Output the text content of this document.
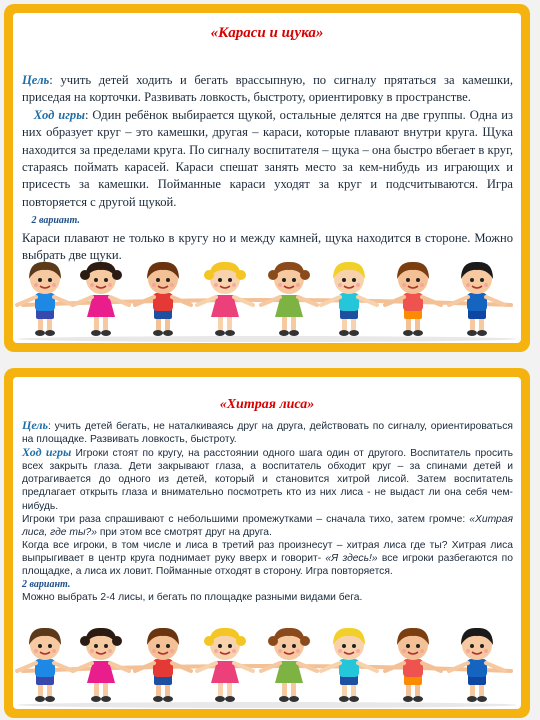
«Караси и щука»

Цель: учить детей ходить и бегать врассыпную, по сигналу прятаться за камешки, приседая на корточки. Развивать ловкость, быстроту, ориентировку в пространстве.

Ход игры: Один ребёнок выбирается щукой, остальные делятся на две группы. Одна из них образует круг – это камешки, другая – караси, которые плавают внутри круга. Щука находится за пределами круга. По сигналу воспитателя – щука – она быстро вбегает в круг, стараясь поймать карасей. Караси спешат занять место за кем-нибудь из играющих и присесть за камешки. Пойманные караси уходят за круг и подсчитываются. Игра повторяется с другой щукой.

2 вариант.

Караси плавают не только в кругу но и между камней, щука находится в стороне. Можно выбрать две щуки.

«Хитрая лиса»

Цель: учить детей бегать, не наталкиваясь друг на друга, действовать по сигналу, ориентироваться на площадке. Развивать ловкость, быстроту.

Ход игры Игроки стоят по кругу, на расстоянии одного шага один от другого. Воспитатель просить всех закрыть глаза. Дети закрывают глаза, а воспитатель обходит круг – за спинами детей и дотрагивается до одного из детей, который и становится хитрой лисой. Затем воспитатель предлагает открыть глаза и внимательно посмотреть кто из них лиса - не выдаст ли она себя чем-нибудь.

Игроки три раза спрашивают с небольшими промежутками – сначала тихо, затем громче: «Хитрая лиса, где ты?» при этом все смотрят друг на друга.

Когда все игроки, в том числе и лиса в третий раз произнесут – хитрая лиса где ты? Хитрая лиса выпрыгивает в центр круга поднимает руку вверх и говорит- «Я здесь!» все игроки разбегаются по площадке, а лиса их ловит. Пойманные отходят в сторону. Игра повторяется.

2 вариант.

Можно выбрать 2-4 лисы, и бегать по площадке разными видами бега.
